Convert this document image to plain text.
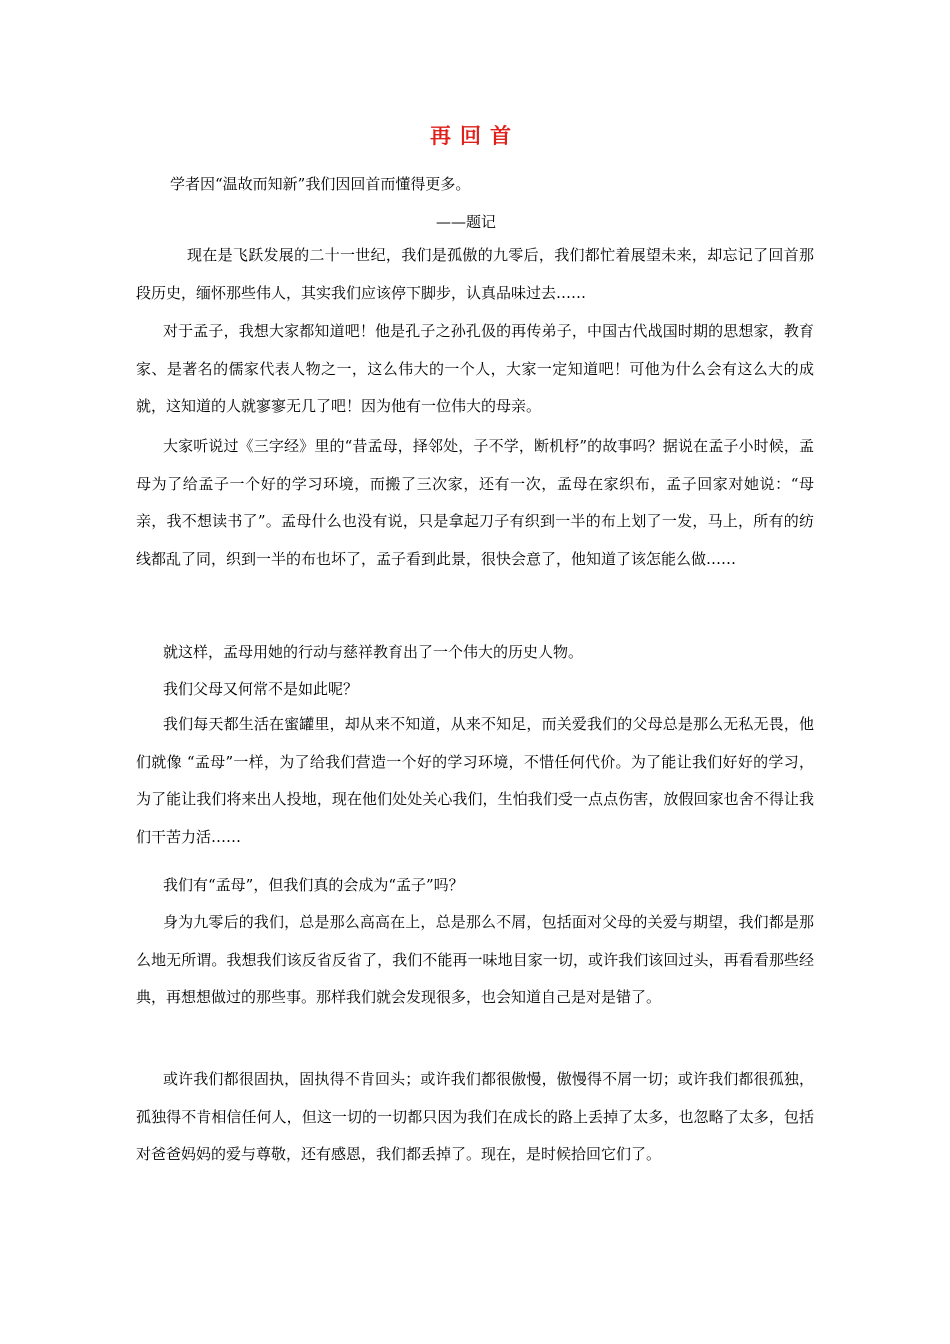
再回首
学者因“温故而知新”我们因回首而懂得更多。
——题记
现在是飞跃发展的二十一世纪，我们是孤傲的九零后，我们都忙着展望未来，却忘记了回首那段历史，缅怀那些伟人，其实我们应该停下脚步，认真品味过去……
对于孟子，我想大家都知道吧！他是孔子之孙孔伋的再传弟子，中国古代战国时期的思想家，教育家、是著名的儒家代表人物之一，这么伟大的一个人，大家一定知道吧！可他为什么会有这么大的成就，这知道的人就寥寥无几了吧！因为他有一位伟大的母亲。
大家听说过《三字经》里的“昔孟母，择邻处，子不学，断机杼”的故事吗？据说在孟子小时候，孟母为了给孟子一个好的学习环境，而搬了三次家，还有一次，孟母在家织布，孟子回家对她说：“母亲，我不想读书了”。孟母什么也没有说，只是拿起刀子有织到一半的布上划了一发，马上，所有的纺线都乱了同，织到一半的布也坏了，孟子看到此景，很快会意了，他知道了该怎能么做……
就这样，孟母用她的行动与慈祥教育出了一个伟大的历史人物。
我们父母又何常不是如此呢？
我们每天都生活在蜜罐里，却从来不知道，从来不知足，而关爱我们的父母总是那么无私无畏，他们就像 “孟母”一样，为了给我们营造一个好的学习环境，不惜任何代价。为了能让我们好好的学习，为了能让我们将来出人投地，现在他们处处关心我们，生怕我们受一点点伤害，放假回家也舍不得让我们干苦力活……
我们有“孟母”，但我们真的会成为“孟子”吗？
身为九零后的我们，总是那么高高在上，总是那么不屑，包括面对父母的关爱与期望，我们都是那么地无所谓。我想我们该反省反省了，我们不能再一味地目家一切，或许我们该回过头，再看看那些经典，再想想做过的那些事。那样我们就会发现很多，也会知道自己是对是错了。
或许我们都很固执，固执得不肯回头；或许我们都很傲慢，傲慢得不屑一切；或许我们都很孤独，孤独得不肯相信任何人，但这一切的一切都只因为我们在成长的路上丢掉了太多，也忽略了太多，包括对爸爸妈妈的爱与尊敬，还有感恩，我们都丢掉了。现在，是时候拾回它们了。
